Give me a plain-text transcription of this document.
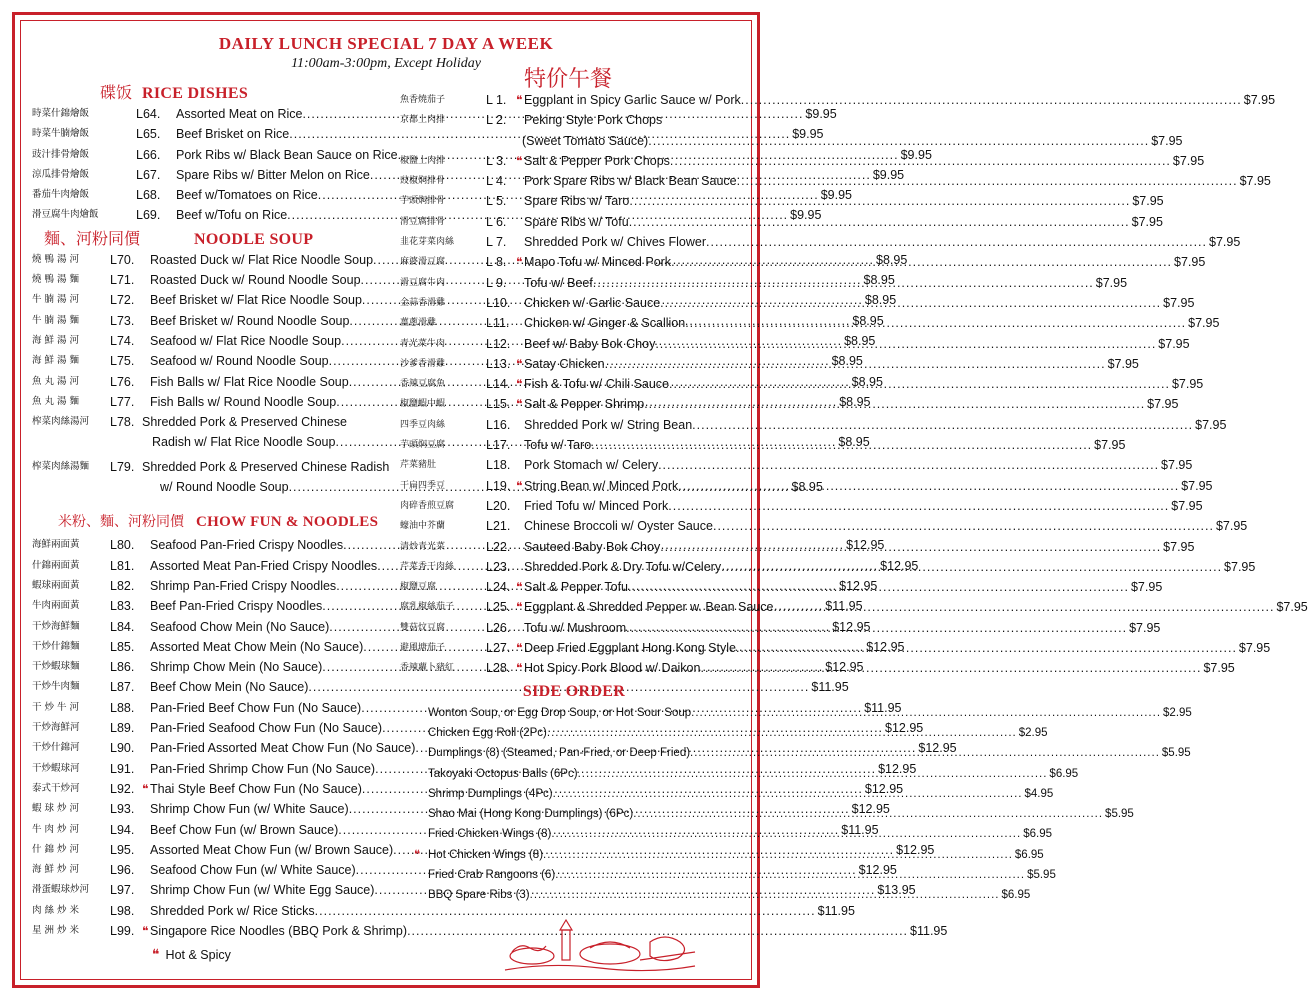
DAILY LUNCH SPECIAL 7 DAY A WEEK
11:00am-3:00pm, Except Holiday
特价午餐
碟饭 RICE DISHES
時菜什錦燴飯	L64.	Assorted Meat on Rice .....	$9.95
時菜牛腩燴飯	L65.	Beef Brisket on Rice .....	$9.95
豉汁排骨燴飯	L66.	Pork Ribs w/ Black Bean Sauce on Rice .....	$9.95
涼瓜排骨燴飯	L67.	Spare Ribs w/ Bitter Melon on Rice .....	$9.95
番茄牛肉燴飯	L68.	Beef w/Tomatoes on Rice .....	$9.95
滑豆腐牛肉燴飯	L69.	Beef w/Tofu on Rice .....	$9.95
麵、河粉同價	NOODLE SOUP
燒 鴨 湯 河	L70.	Roasted Duck w/ Flat Rice Noodle Soup .....	$8.95
燒 鴨 湯 麵	L71.	Roasted Duck w/ Round Noodle Soup .....	$8.95
牛 腩 湯 河	L72.	Beef Brisket w/ Flat Rice Noodle Soup .....	$8.95
牛 腩 湯 麵	L73.	Beef Brisket w/ Round Noodle Soup .....	$8.95
海 鮮 湯 河	L74.	Seafood w/ Flat Rice Noodle Soup .....	$8.95
海 鮮 湯 麵	L75.	Seafood w/ Round Noodle Soup .....	$8.95
魚 丸 湯 河	L76.	Fish Balls w/ Flat Rice Noodle Soup .....	$8.95
魚 丸 湯 麵	L77.	Fish Balls w/ Round Noodle Soup .....	$8.95
榨菜肉絲湯河	L78. Shredded Pork & Preserved Chinese
Radish w/ Flat Rice Noodle Soup .....	$8.95
榨菜肉絲湯麵	L79. Shredded Pork & Preserved Chinese Radish
w/ Round Noodle Soup .....	$8.95
米粉、麵、河粉同價 CHOW FUN & NOODLES
海鮮兩面黃	L80.	Seafood Pan-Fried Crispy Noodles .....	$12.95
什錦兩面黃	L81.	Assorted Meat Pan-Fried Crispy Noodles .....	$12.95
蝦球兩面黃	L82.	Shrimp Pan-Fried Crispy Noodles .....	$12.95
牛肉兩面黃	L83.	Beef Pan-Fried Crispy Noodles .....	$11.95
干炒海鮮麵	L84.	Seafood Chow Mein (No Sauce) .....	$12.95
干炒什錦麵	L85.	Assorted Meat Chow Mein (No Sauce) .....	$12.95
干炒蝦球麵	L86.	Shrimp Chow Mein (No Sauce) .....	$12.95
干炒牛肉麵	L87.	Beef Chow Mein (No Sauce) .....	$11.95
干 炒 牛 河	L88.	Pan-Fried Beef Chow Fun (No Sauce) .....	$11.95
干炒海鮮河	L89.	Pan-Fried Seafood Chow Fun (No Sauce) .....	$12.95
干炒什錦河	L90.	Pan-Fried Assorted Meat Chow Fun (No Sauce) .....	$12.95
干炒蝦球河	L91.	Pan-Fried Shrimp Chow Fun (No Sauce) .....	$12.95
泰式干炒河	L92. ❝ Thai Style Beef Chow Fun (No Sauce) .....	$12.95
蝦 球 炒 河	L93.	Shrimp Chow Fun (w/ White Sauce) .....	$12.95
牛 肉 炒 河	L94.	Beef Chow Fun (w/ Brown Sauce) .....	$11.95
什 錦 炒 河	L95.	Assorted Meat Chow Fun (w/ Brown Sauce) .....	$12.95
海 鮮 炒 河	L96.	Seafood Chow Fun (w/ White Sauce) .....	$12.95
滑蛋蝦球炒河	L97.	Shrimp Chow Fun (w/ White Egg Sauce) .....	$13.95
肉 絲 炒 米	L98.	Shredded Pork w/ Rice Sticks .....	$11.95
星 洲 炒 米	L99. ❝ Singapore Rice Noodles (BBQ Pork & Shrimp) .....	$11.95
魚香燒茄子	L 1. ❝ Eggplant in Spicy Garlic Sauce w/ Pork .....	$7.95
京都上肉排	L 2.	Peking Style Pork Chops
(Sweet Tomato Sauce) .....	$7.95
椒鹽上肉排	L 3. ❝ Salt & Pepper Pork Chops .....	$7.95
豉椒焖排骨	L 4.	Pork Spare Ribs w/ Black Bean Sauce .....	$7.95
芋頭焖排骨	L 5.	Spare Ribs w/ Taro .....	$7.95
滑豆腐排骨	L 6.	Spare Ribs w/ Tofu .....	$7.95
韭花芽菜肉絲	L 7.	Shredded Pork w/ Chives Flower .....	$7.95
麻婆滑豆腐	L 8. ❝ Mapo Tofu w/ Minced Pork .....	$7.95
滑豆腐牛肉	L 9.	Tofu w/ Beef .....	$7.95
金蒜香滑雞	L10.	Chicken w/ Garlic Sauce .....	$7.95
薑蔥滑雞	L11.	Chicken w/ Ginger & Scallion .....	$7.95
青光菜牛肉	L12.	Beef w/ Baby Bok Choy .....	$7.95
沙爹香滑雞	L13. ❝ Satay Chicken .....	$7.95
香辣豆腐魚	L14. ❝ Fish & Tofu w/ Chili Sauce .....	$7.95
椒鹽蝦中蝦	L15. ❝ Salt & Pepper Shrimp .....	$7.95
四季豆肉絲	L16.	Shredded Pork w/ String Bean .....	$7.95
芋頭焖豆腐	L17.	Tofu w/ Taro .....	$7.95
芹菜豬肚	L18.	Pork Stomach w/ Celery .....	$7.95
干扁四季豆	L19. ❝ String Bean w/ Minced Pork .....	$7.95
肉碎香煎豆腐	L20.	Fried Tofu w/ Minced Pork .....	$7.95
蠔油中芥蘭	L21.	Chinese Broccoli w/ Oyster Sauce .....	$7.95
清炒青光菜	L22.	Sauteed Baby Bok Choy .....	$7.95
芹菜香干肉絲	L23.	Shredded Pork & Dry Tofu w/Celery .....	$7.95
椒鹽豆腐	L24. ❝ Salt & Pepper Tofu .....	$7.95
腐乳椒絲茄子	L25. ❝ Eggplant & Shredded Pepper w. Bean Sauce .....	$7.95
雙菇炆豆腐	L26.	Tofu w/ Mushroom .....	$7.95
避風塘茄子	L27. ❝ Deep Fried Eggplant Hong Kong Style .....	$7.95
香辣蘿卜豬紅	L28. ❝ Hot Spicy Pork Blood w/ Daikon .....	$7.95
SIDE ORDER
Wonton Soup, or Egg Drop Soup, or Hot Sour Soup .....	$2.95
Chicken Egg Roll (2Pc) .....	$2.95
Dumplings (8) (Steamed, Pan-Fried, or Deep Fried) .....	$5.95
Takoyaki Octopus Balls (6Pc) .....	$6.95
Shrimp Dumplings (4Pc) .....	$4.95
Shao Mai (Hong Kong Dumplings) (6Pc) .....	$5.95
Fried Chicken Wings (8) .....	$6.95
❝ Hot Chicken Wings (8) .....	$6.95
Fried Crab Rangoons (6) .....	$5.95
BBQ Spare Ribs (3) .....	$6.95
❝ Hot & Spicy
